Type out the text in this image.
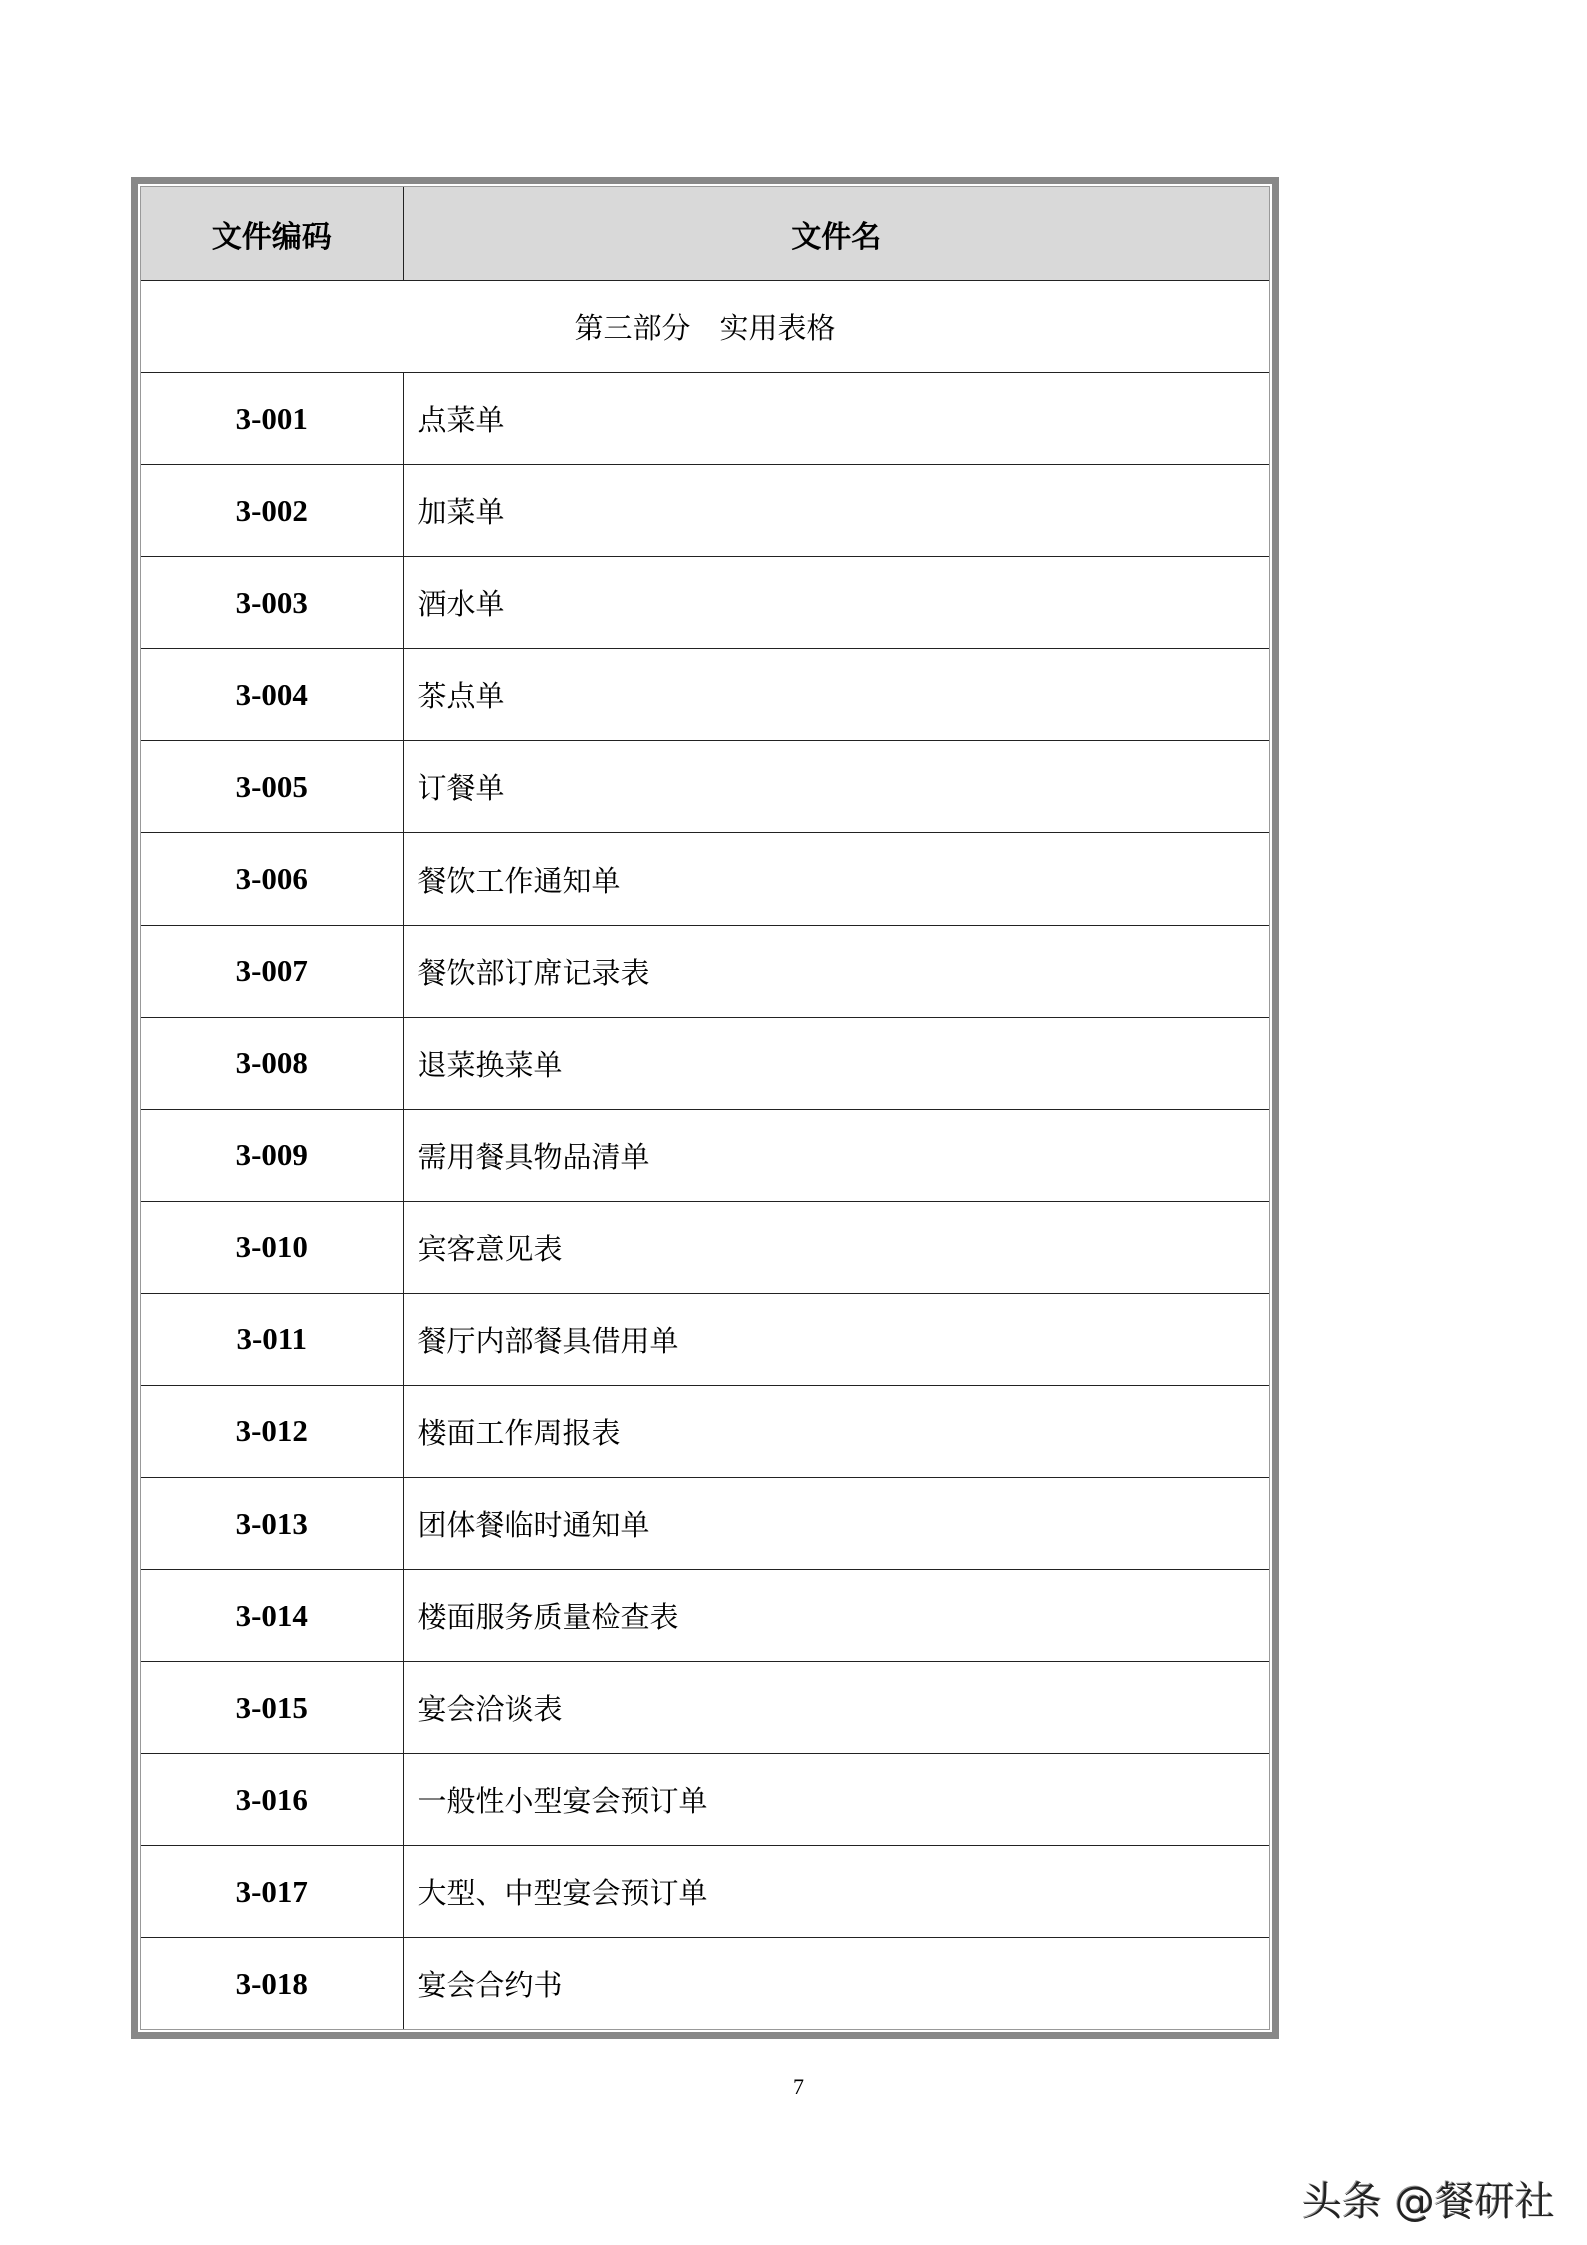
文件编码	文件名
第三部分　实用表格	
3-001	点菜单
3-002	加菜单
3-003	酒水单
3-004	茶点单
3-005	订餐单
3-006	餐饮工作通知单
3-007	餐饮部订席记录表
3-008	退菜换菜单
3-009	需用餐具物品清单
3-010	宾客意见表
3-011	餐厅内部餐具借用单
3-012	楼面工作周报表
3-013	团体餐临时通知单
3-014	楼面服务质量检查表
3-015	宴会洽谈表
3-016	一般性小型宴会预订单
3-017	大型、中型宴会预订单
3-018	宴会合约书
7
头条 @餐研社
